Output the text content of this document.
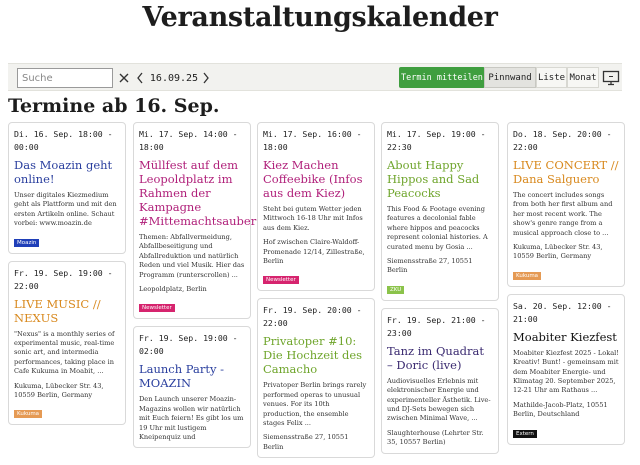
Veranstaltungskalender
Suche
16.09.25	Termin mitteilen Pinnwand Liste Monat
Termine ab 16. Sep.
Di. 16. Sep. 18:00 - 00:00
Das Moazin geht online!
Unser digitales Kiezmedium geht als Plattform und mit den ersten Artikeln online. Schaut vorbei: www.moazin.de
Moazin
Fr. 19. Sep. 19:00 - 22:00
LIVE MUSIC // NEXUS
"Nexus" is a monthly series of experimental music, real-time sonic art, and intermedia performances, taking place in Cafe Kukuma in Moabit, ...
Kukuma, Lübecker Str. 43, 10559 Berlin, Germany
Kukuma
Mi. 17. Sep. 14:00 - 18:00
Müllfest auf dem Leopoldplatz im Rahmen der Kampagne #Mittemachtsauber
Themen: Abfallvermeidung, Abfallbeseitigung und Abfallreduktion und natürlich Reden und viel Musik. Hier das Programm (runterscrollen) ...
Leopoldplatz, Berlin
Newsletter
Fr. 19. Sep. 19:00 - 02:00
Launch Party - MOAZIN
Den Launch unserer Moazin-Magazins wollen wir natürlich mit Euch feiern! Es gibt los um 19 Uhr mit lustigem Kneipenquiz und
Mi. 17. Sep. 16:00 - 18:00
Kiez Machen Coffeebike (Infos aus dem Kiez)
Steht bei gutem Wetter jeden Mittwoch 16-18 Uhr mit Infos aus dem Kiez.
Hof zwischen Claire-Waldoff-Promenade 12/14, Zillestraße, Berlin
Newsletter
Fr. 19. Sep. 20:00 - 22:00
Privatoper #10: Die Hochzeit des Camacho
Privatoper Berlin brings rarely performed operas to unusual venues. For its 10th production, the ensemble stages Felix ...
Siemensstraße 27, 10551 Berlin
Mi. 17. Sep. 19:00 - 22:30
About Happy Hippos and Sad Peacocks
This Food & Footage evening features a decolonial fable where hippos and peacocks represent colonial histories. A curated menu by Gosia ...
Siemensstraße 27, 10551 Berlin
ZKU
Fr. 19. Sep. 21:00 - 23:00
Tanz im Quadrat – Doric (live)
Audiovisuelles Erlebnis mit elektronischer Energie und experimenteller Ästhetik. Live- und DJ-Sets bewegen sich zwischen Minimal Wave, ...
Slaughterhouse (Lehrter Str. 35, 10557 Berlin)
Do. 18. Sep. 20:00 - 22:00
LIVE CONCERT // Dana Salguero
The concert includes songs from both her first album and her most recent work. The show's genre range from a musical approach close to ...
Kukuma, Lübecker Str. 43, 10559 Berlin, Germany
Kukuma
Sa. 20. Sep. 12:00 - 21:00
Moabiter Kiezfest
Moabiter Kiezfest 2025 - Lokal! Kreativ! Bunt! - gemeinsam mit dem Moabiter Energie- und Klimatag 20. September 2025, 12-21 Uhr am Rathaus ...
Mathilde-Jacob-Platz, 10551 Berlin, Deutschland
Extern
